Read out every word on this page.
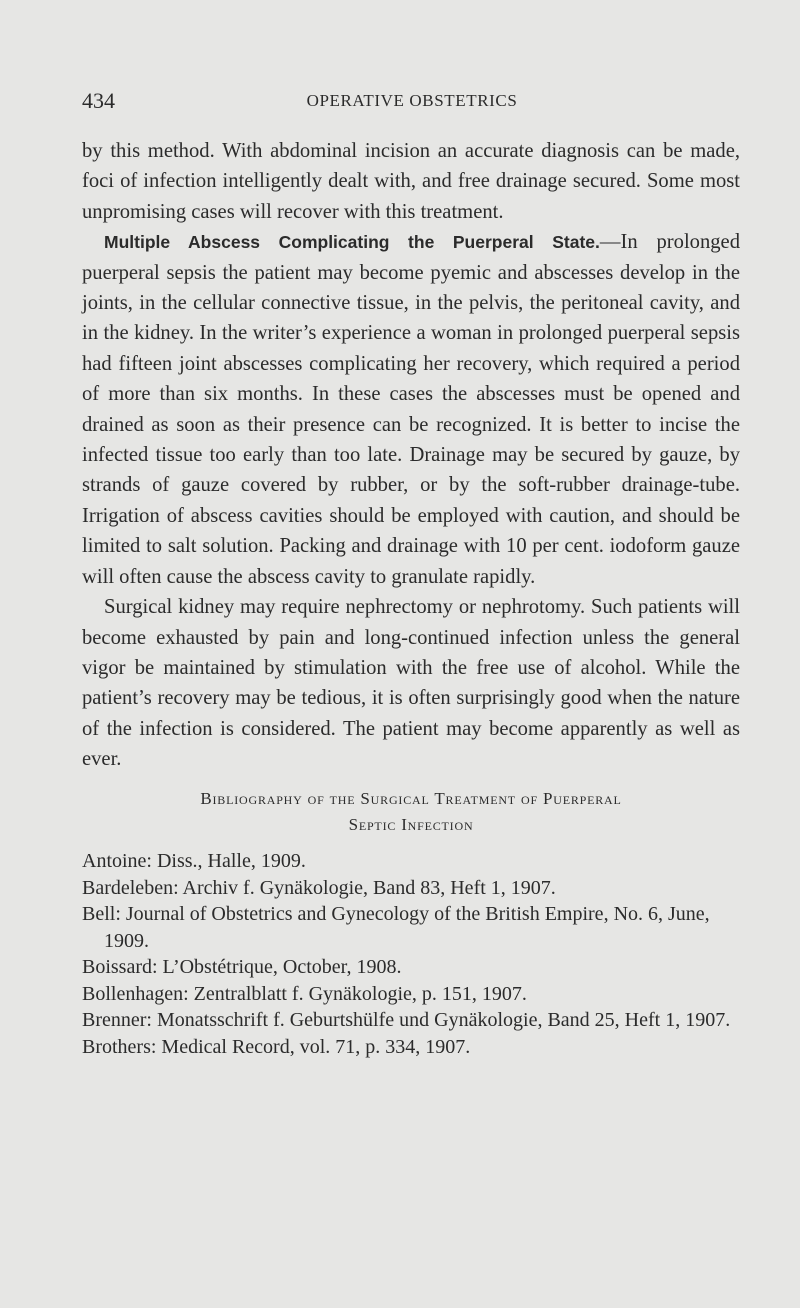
434	OPERATIVE OBSTETRICS

by this method. With abdominal incision an accurate diagnosis can be made, foci of infection intelligently dealt with, and free drainage secured. Some most unpromising cases will recover with this treatment.

Multiple Abscess Complicating the Puerperal State.—In prolonged puerperal sepsis the patient may become pyemic and abscesses develop in the joints, in the cellular connective tissue, in the pelvis, the peritoneal cavity, and in the kidney. In the writer’s experience a woman in prolonged puerperal sepsis had fifteen joint abscesses complicating her recovery, which required a period of more than six months. In these cases the abscesses must be opened and drained as soon as their presence can be recognized. It is better to incise the infected tissue too early than too late. Drainage may be secured by gauze, by strands of gauze covered by rubber, or by the soft-rubber drainage-tube. Irrigation of abscess cavities should be employed with caution, and should be limited to salt solution. Packing and drainage with 10 per cent. iodoform gauze will often cause the abscess cavity to granulate rapidly.

Surgical kidney may require nephrectomy or nephrotomy. Such patients will become exhausted by pain and long-continued infection unless the general vigor be maintained by stimulation with the free use of alcohol. While the patient’s recovery may be tedious, it is often surprisingly good when the nature of the infection is considered. The patient may become apparently as well as ever.

Bibliography of the Surgical Treatment of Puerperal
Septic Infection
Antoine: Diss., Halle, 1909.
Bardeleben: Archiv f. Gynäkologie, Band 83, Heft 1, 1907.
Bell: Journal of Obstetrics and Gynecology of the British Empire, No. 6, June, 1909.
Boissard: L’Obstétrique, October, 1908.
Bollenhagen: Zentralblatt f. Gynäkologie, p. 151, 1907.
Brenner: Monatsschrift f. Geburtshülfe und Gynäkologie, Band 25, Heft 1, 1907.
Brothers: Medical Record, vol. 71, p. 334, 1907.
